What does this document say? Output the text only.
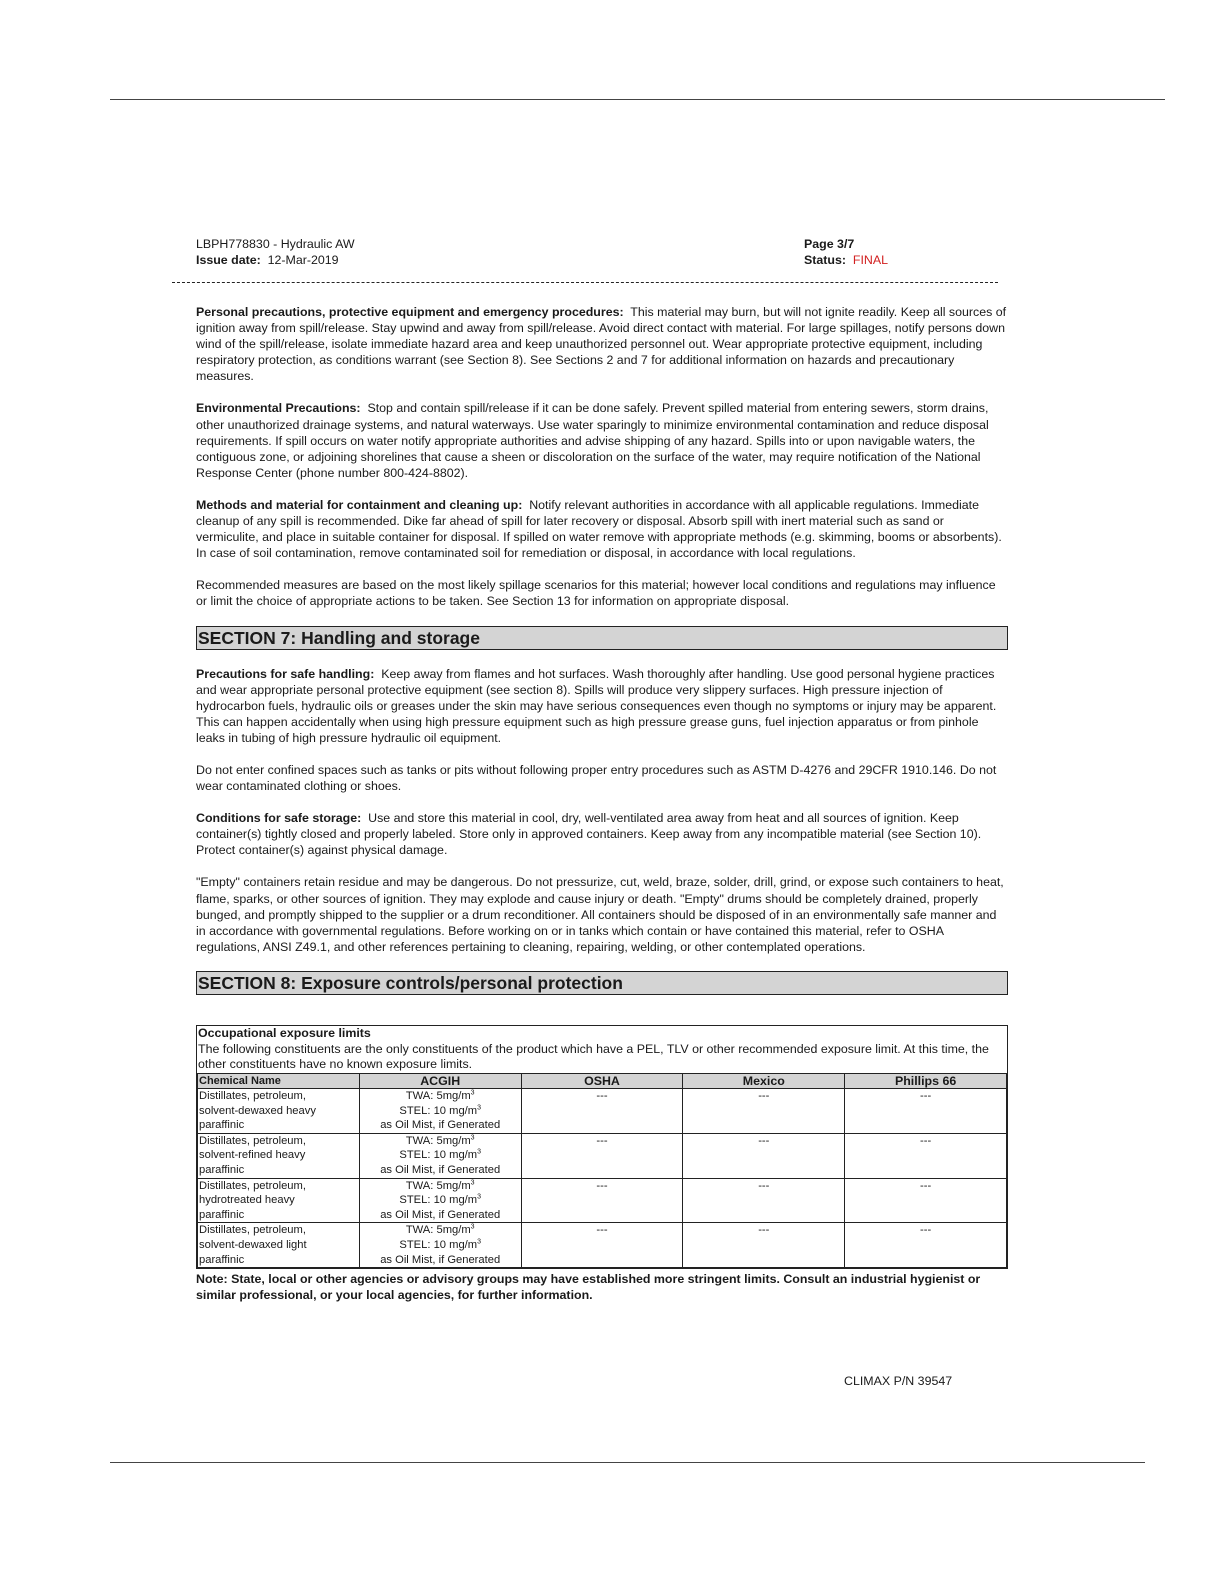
LBPH778830 - Hydraulic AW
Issue date: 12-Mar-2019
Page 3/7
Status: FINAL

Personal precautions, protective equipment and emergency procedures: This material may burn, but will not ignite readily. Keep all sources of ignition away from spill/release. Stay upwind and away from spill/release. Avoid direct contact with material. For large spillages, notify persons down wind of the spill/release, isolate immediate hazard area and keep unauthorized personnel out. Wear appropriate protective equipment, including respiratory protection, as conditions warrant (see Section 8). See Sections 2 and 7 for additional information on hazards and precautionary measures.

Environmental Precautions: Stop and contain spill/release if it can be done safely. Prevent spilled material from entering sewers, storm drains, other unauthorized drainage systems, and natural waterways. Use water sparingly to minimize environmental contamination and reduce disposal requirements. If spill occurs on water notify appropriate authorities and advise shipping of any hazard. Spills into or upon navigable waters, the contiguous zone, or adjoining shorelines that cause a sheen or discoloration on the surface of the water, may require notification of the National Response Center (phone number 800-424-8802).

Methods and material for containment and cleaning up: Notify relevant authorities in accordance with all applicable regulations. Immediate cleanup of any spill is recommended. Dike far ahead of spill for later recovery or disposal. Absorb spill with inert material such as sand or vermiculite, and place in suitable container for disposal. If spilled on water remove with appropriate methods (e.g. skimming, booms or absorbents). In case of soil contamination, remove contaminated soil for remediation or disposal, in accordance with local regulations.

Recommended measures are based on the most likely spillage scenarios for this material; however local conditions and regulations may influence or limit the choice of appropriate actions to be taken. See Section 13 for information on appropriate disposal.

SECTION 7: Handling and storage

Precautions for safe handling: Keep away from flames and hot surfaces. Wash thoroughly after handling. Use good personal hygiene practices and wear appropriate personal protective equipment (see section 8). Spills will produce very slippery surfaces. High pressure injection of hydrocarbon fuels, hydraulic oils or greases under the skin may have serious consequences even though no symptoms or injury may be apparent. This can happen accidentally when using high pressure equipment such as high pressure grease guns, fuel injection apparatus or from pinhole leaks in tubing of high pressure hydraulic oil equipment.

Do not enter confined spaces such as tanks or pits without following proper entry procedures such as ASTM D-4276 and 29CFR 1910.146. Do not wear contaminated clothing or shoes.

Conditions for safe storage: Use and store this material in cool, dry, well-ventilated area away from heat and all sources of ignition. Keep container(s) tightly closed and properly labeled. Store only in approved containers. Keep away from any incompatible material (see Section 10). Protect container(s) against physical damage.

"Empty" containers retain residue and may be dangerous. Do not pressurize, cut, weld, braze, solder, drill, grind, or expose such containers to heat, flame, sparks, or other sources of ignition. They may explode and cause injury or death. "Empty" drums should be completely drained, properly bunged, and promptly shipped to the supplier or a drum reconditioner. All containers should be disposed of in an environmentally safe manner and in accordance with governmental regulations. Before working on or in tanks which contain or have contained this material, refer to OSHA regulations, ANSI Z49.1, and other references pertaining to cleaning, repairing, welding, or other contemplated operations.

SECTION 8: Exposure controls/personal protection
Occupational exposure limits
The following constituents are the only constituents of the product which have a PEL, TLV or other recommended exposure limit. At this time, the other constituents have no known exposure limits.
Chemical Name	ACGIH	OSHA	Mexico	Phillips 66

Distillates, petroleum,
solvent-dewaxed heavy
paraffinic	TWA: $5mg/m^3$
STEL: 10 $mg/m^3$
as Oil Mist, if Generated	---	---	---

Distillates, petroleum,
solvent-refined heavy
paraffinic	TWA: $5mg/m^3$
STEL: 10 $mg/m^3$
as Oil Mist, if Generated	---	---	---

Distillates, petroleum,
hydrotreated heavy
paraffinic	TWA: $5mg/m^3$
STEL: 10 $mg/m^3$
as Oil Mist, if Generated	---	---	---

Distillates, petroleum,
solvent-dewaxed light
paraffinic	TWA: $5mg/m^3$
STEL: 10 $mg/m^3$
as Oil Mist, if Generated	---	---	---

Note: State, local or other agencies or advisory groups may have established more stringent limits. Consult an industrial hygienist or similar professional, or your local agencies, for further information.

CLIMAX P/N 39547
